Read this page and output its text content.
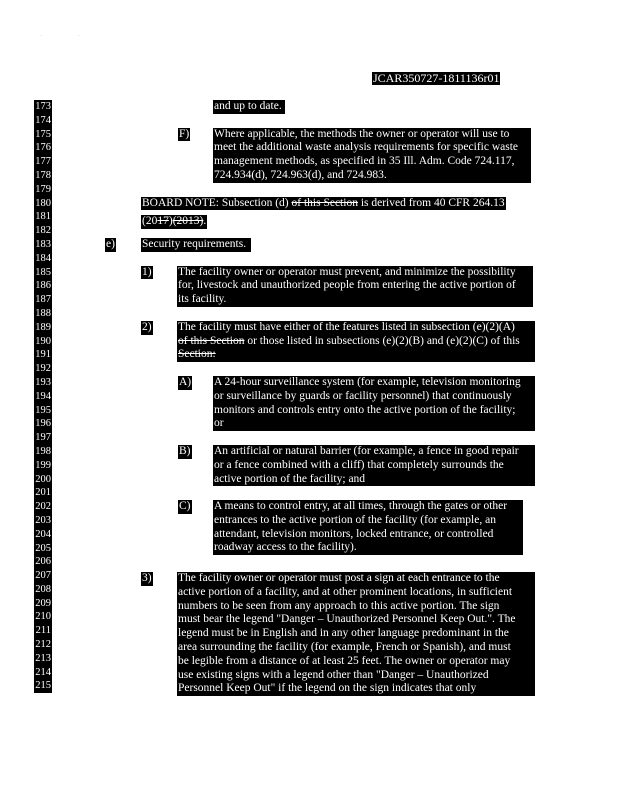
·	·
JCAR350727-1811136r01
173
174
175
176
177
178
179
180
181
182
183
184
185
186
187
188
189
190
191
192
193
194
195
196
197
198
199
200
201
202
203
204
205
206
207
208
209
210
211
212
213
214
215
and up to date.
F) Where applicable, the methods the owner or operator will use to
meet the additional waste analysis requirements for specific waste
management methods, as specified in 35 Ill. Adm. Code 724.117,
724.934(d), 724.963(d), and 724.983.
BOARD NOTE: Subsection (d) of this Section is derived from 40 CFR 264.13
(2017)(2013).
e) Security requirements.
1) The facility owner or operator must prevent, and minimize the possibility
for, livestock and unauthorized people from entering the active portion of
its facility.
2) The facility must have either of the features listed in subsection (e)(2)(A)
of this Section or those listed in subsections (e)(2)(B) and (e)(2)(C) of this
Section:
A) A 24-hour surveillance system (for example, television monitoring
or surveillance by guards or facility personnel) that continuously
monitors and controls entry onto the active portion of the facility;
or
B) An artificial or natural barrier (for example, a fence in good repair
or a fence combined with a cliff) that completely surrounds the
active portion of the facility; and
C) A means to control entry, at all times, through the gates or other
entrances to the active portion of the facility (for example, an
attendant, television monitors, locked entrance, or controlled
roadway access to the facility).
3) The facility owner or operator must post a sign at each entrance to the
active portion of a facility, and at other prominent locations, in sufficient
numbers to be seen from any approach to this active portion. The sign
must bear the legend "Danger – Unauthorized Personnel Keep Out.". The
legend must be in English and in any other language predominant in the
area surrounding the facility (for example, French or Spanish), and must
be legible from a distance of at least 25 feet. The owner or operator may
use existing signs with a legend other than "Danger – Unauthorized
Personnel Keep Out" if the legend on the sign indicates that only
